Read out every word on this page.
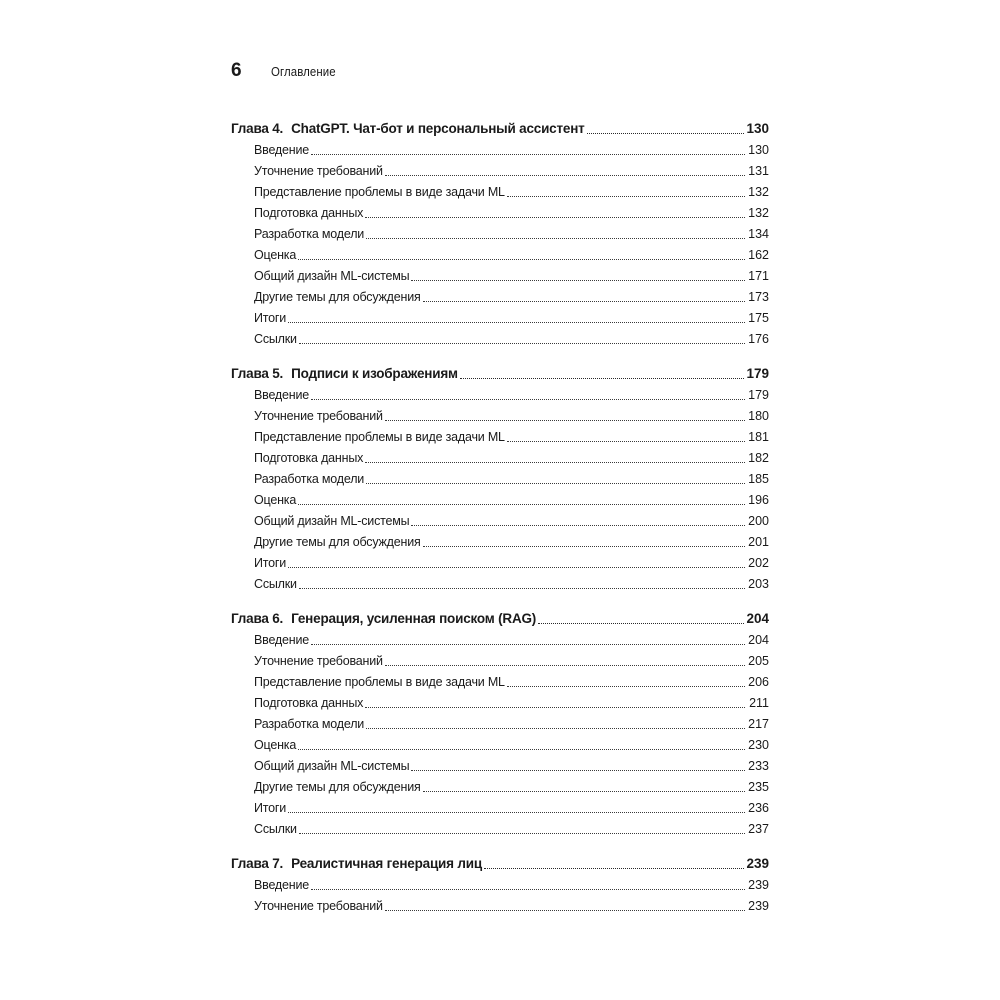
6	Оглавление
Глава 4. ChatGPT. Чат-бот и персональный ассистент	130
Введение	130
Уточнение требований	131
Представление проблемы в виде задачи ML	132
Подготовка данных	132
Разработка модели	134
Оценка	162
Общий дизайн ML-системы	171
Другие темы для обсуждения	173
Итоги	175
Ссылки	176
Глава 5. Подписи к изображениям	179
Введение	179
Уточнение требований	180
Представление проблемы в виде задачи ML	181
Подготовка данных	182
Разработка модели	185
Оценка	196
Общий дизайн ML-системы	200
Другие темы для обсуждения	201
Итоги	202
Ссылки	203
Глава 6. Генерация, усиленная поиском (RAG)	204
Введение	204
Уточнение требований	205
Представление проблемы в виде задачи ML	206
Подготовка данных	211
Разработка модели	217
Оценка	230
Общий дизайн ML-системы	233
Другие темы для обсуждения	235
Итоги	236
Ссылки	237
Глава 7. Реалистичная генерация лиц	239
Введение	239
Уточнение требований	239
